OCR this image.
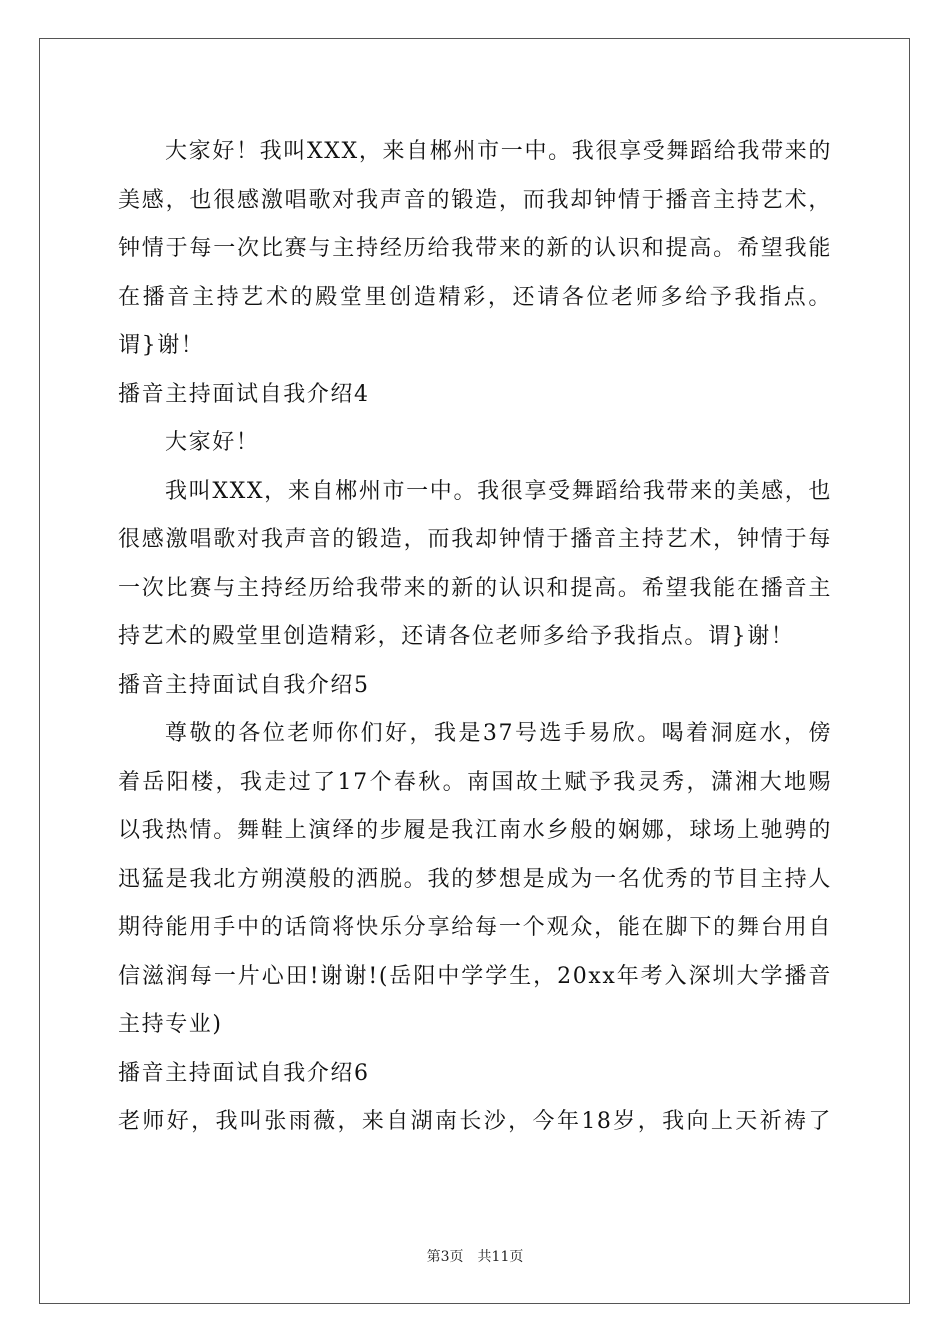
大家好！我叫XXX，来自郴州市一中。我很享受舞蹈给我带来的
美感，也很感激唱歌对我声音的锻造，而我却钟情于播音主持艺术，
钟情于每一次比赛与主持经历给我带来的新的认识和提高。希望我能
在播音主持艺术的殿堂里创造精彩，还请各位老师多给予我指点。
谓}谢！
播音主持面试自我介绍4
大家好！
我叫XXX，来自郴州市一中。我很享受舞蹈给我带来的美感，也
很感激唱歌对我声音的锻造，而我却钟情于播音主持艺术，钟情于每
一次比赛与主持经历给我带来的新的认识和提高。希望我能在播音主
持艺术的殿堂里创造精彩，还请各位老师多给予我指点。谓}谢！
播音主持面试自我介绍5
尊敬的各位老师你们好，我是37号选手易欣。喝着洞庭水，傍
着岳阳楼，我走过了17个春秋。南国故土赋予我灵秀，潇湘大地赐
以我热情。舞鞋上演绎的步履是我江南水乡般的娴娜，球场上驰骋的
迅猛是我北方朔漠般的洒脱。我的梦想是成为一名优秀的节目主持人
期待能用手中的话筒将快乐分享给每一个观众，能在脚下的舞台用自
信滋润每一片心田!谢谢!(岳阳中学学生，20xx年考入深圳大学播音
主持专业)
播音主持面试自我介绍6
老师好，我叫张雨薇，来自湖南长沙，今年18岁，我向上天祈祷了
第3页 共11页
